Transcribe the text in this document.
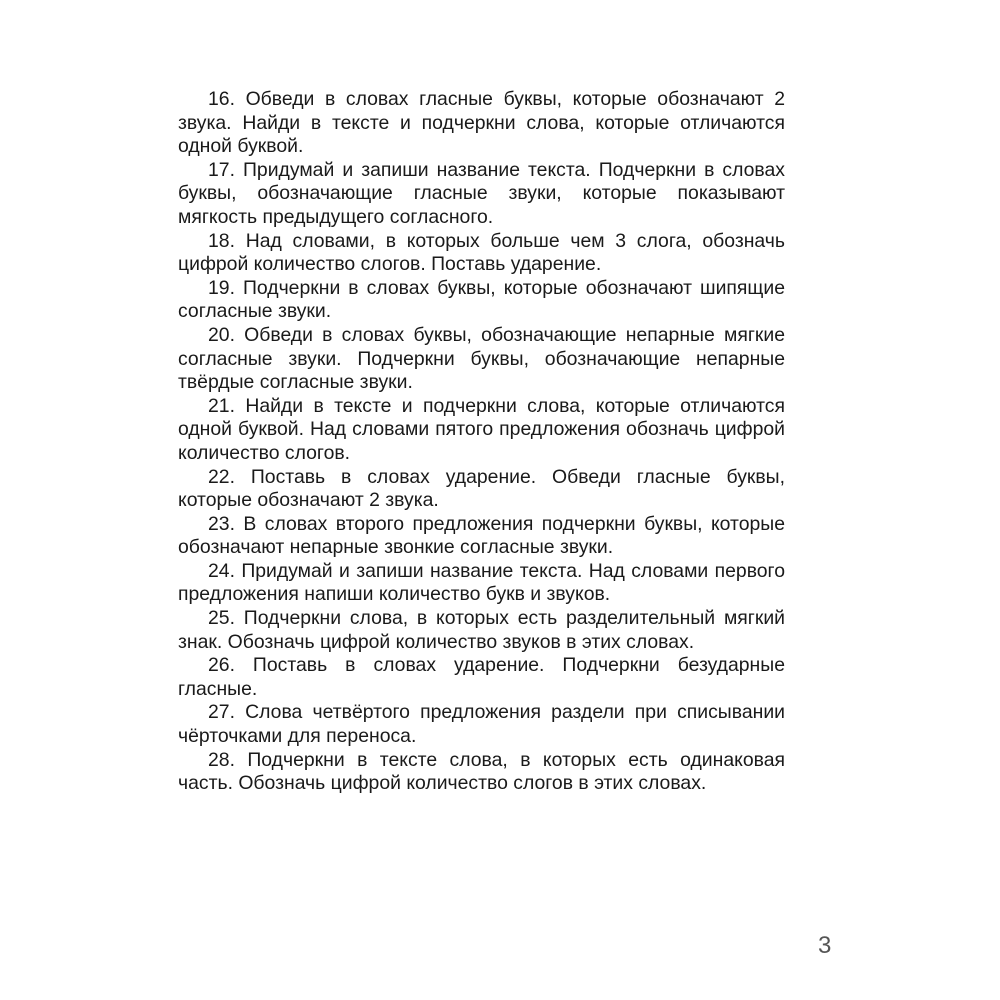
16. Обведи в словах гласные буквы, которые обозначают 2 звука. Найди в тексте и подчеркни слова, которые отличаются одной буквой.

17. Придумай и запиши название текста. Подчеркни в словах буквы, обозначающие гласные звуки, которые показывают мягкость предыдущего согласного.

18. Над словами, в которых больше чем 3 слога, обозначь цифрой количество слогов. Поставь ударение.

19. Подчеркни в словах буквы, которые обозначают шипящие согласные звуки.

20. Обведи в словах буквы, обозначающие непарные мягкие согласные звуки. Подчеркни буквы, обозначающие непарные твёрдые согласные звуки.

21. Найди в тексте и подчеркни слова, которые отличаются одной буквой. Над словами пятого предложения обозначь цифрой количество слогов.

22. Поставь в словах ударение. Обведи гласные буквы, которые обозначают 2 звука.

23. В словах второго предложения подчеркни буквы, которые обозначают непарные звонкие согласные звуки.

24. Придумай и запиши название текста. Над словами первого предложения напиши количество букв и звуков.

25. Подчеркни слова, в которых есть разделительный мягкий знак. Обозначь цифрой количество звуков в этих словах.

26. Поставь в словах ударение. Подчеркни безударные гласные.

27. Слова четвёртого предложения раздели при списывании чёрточками для переноса.

28. Подчеркни в тексте слова, в которых есть одинаковая часть. Обозначь цифрой количество слогов в этих словах.

3
